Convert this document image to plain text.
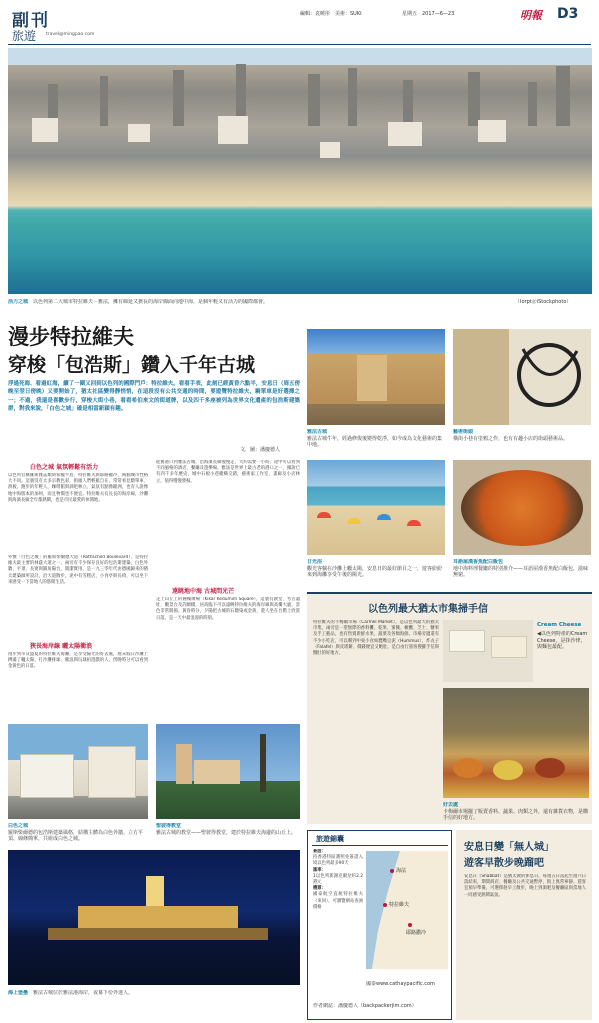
副刊
旅遊 travel@mingpao.com
編輯：袁曉彤　美術：SUKI	星期五　2017—6—23	明報 D3
活力之城　 以色列第二大城市特拉維夫－雅法，擁有綿延又狹長的海岸線面向地中海，是個年輕又有活力的國際都會。	（Iorpt＠iStockphoto）
漫步特拉維夫
穿梭「包浩斯」鑽入千年古城
浮過死海、看過紅海，續了一圈又回到以色列的國際門戶：特拉維夫。看看手表，此刻已經黃昏六點半，安息日（周五傍晚至翌日傍晚）又要開始了，猶太社區變得靜悄悄，在這段沒有公共交通的時間，要遊覽特拉維夫，騎單車是好選擇之一；不過，我還是喜歡步行，穿梭大街小巷，看看希伯來文的街道牌，以及四千多座被列為世界文化遺產的包浩斯建築群，對我來說，「白色之城」確是相當新穎有趣。
文．圖：潘慶德人
白色之城 氣氛輕鬆有活力
以色列官稱羅斯雜誌類與希臘半島、特拉維夫與耶路撒冷，兩個城市性格大不同。這裏沒有太多宗教色彩，街頭人們輕鬆自在，常常看見騎單車、滑板、跑步的年輕人，咖啡館與酒吧林立，氣氛有點像歐洲，也有人說像地中海版本的加州，而且物價也不便宜。特拉維夫有長長的海岸線，沙灘與海濱長廊全年都熱鬧，也是市民最愛的休閒地。
外號「白色之城」的羅斯柴爾德大道（Rothschild Boulevard），是特拉維夫最主要的林蔭大道之一，兩旁有不少保存良好的包浩斯建築，白色外牆、平頂、長窗與圓角陽台，簡潔實用，是一九三零年代由德國歸來的猶太建築師所設計。沿大道散步，途中有雪糕店、小食亭與長椅，可以坐下來感受一下當地人的悠閒生活。
狹長海岸線 曬太陽衝浪
漫步到市及盛夏的特拉維夫海灘，是享受陽光的好去處，週末假日沙灘上擠滿了曬太陽、打沙灘排球、衝浪與玩球拍遊戲的人，傍晚時分可以看到金黃色的日落。
從舊港口到雅法古城，沿海濱長廊慢慢走，大約需要一小時，途中可以看到不同風格的酒店、餐廳及遊樂場。雅法是世界上最古老的港口之一，據說已有四千多年歷史，城中石板小巷縱橫交錯，藝術家工作室、畫廊及小店林立，值得慢慢發掘。
遠眺地中海 古城問光芒
走上山丘上的鐘樓廣場（Kikar Kedumim Square），這裏有教堂、考古遺址、觀景台及許願橋，居高臨下可以遠眺特拉維夫的海岸線與高樓大廈，景色非常開揚。黃昏時分，夕陽把古城的石牆染成金黃，遊人坐在台階上欣賞日落，是一天中最浪漫的時刻。
白色之城
羅斯柴爾德的包浩斯建築風格，結構主體為白色外牆、立方平頂、線條簡單，共組成白色之城。
聖彼得教堂
雅法古城的教堂——聖彼得教堂，建於特拉維夫海邊的山丘上。
海上堡壘　 雅法古城位於雅法港海岸，夜幕下份外迷人。
雅法古城
雅法古城牛年，經過修復後變得乾淨，如今成為文化藝術的集中地。
藝術街頭
橫街小巷有塗鴉之作，也有有趣小店的街頭藝術品。
日光浴
觀光客躺在沙灘上曬太陽，安息日的最好節目之一，遊客紛紛來到海灘享受午後的陽光。
耳語屋漢香魚配白飯包
地中海料理餐廳的特別推介——耳語屋漢香魚配白飯包，滋味無窮。
以色列最大猶太市集掃手信
特拉維夫的卡梅爾市場（Carmel Market），是以色列最大的猶太市集，兩旁是一望無際的香料攤、乾果、蜜餞、橄欖、芝士、糖果及手工藝品，也有售賣新鮮水果、蔬菜及各類海鮮。市場旁邊還有不少小吃店，可以嚐到中東小食如鷹嘴豆泥（Hummus）、炸丸子（Falafel）與皮塔餅，價錢便宜又飽肚，是自由行旅客搜羅手信與醫肚的好地方。
Cream Cheese
◀以色列特產的Cream Cheese，是抹沙律，與麵包最配。
好去處
卡梅爾市場擺了販賣香料、蔬果、肉類之外，還有雜貨衣物，是購手信的好地方。
旅遊錦囊
簽證：
持香港特區護照免簽證入境以色列最多90天
匯率：
1以色列新謝克爾兌約2.2港元
機票：
國泰航空直航特拉維夫（來回），可瀏覽網站查詢價格
海法
特拉維夫
耶路撒冷
國泰www.cathaypacific.com
作者網誌：潘慶德人（backpackerjim.com）
安息日變「無人城」
遊客早散步晚蹓吧
安息日（Shabbat）是猶太教的休息日，每週五日落起至週六日落結束，期間商店、餐廳及公共交通暫停，街上異常寧靜。遊客宜預早準備，可選擇趁早上散步，晚上到酒吧及餐廳區與當地人一同感受熱鬧氣氛。
